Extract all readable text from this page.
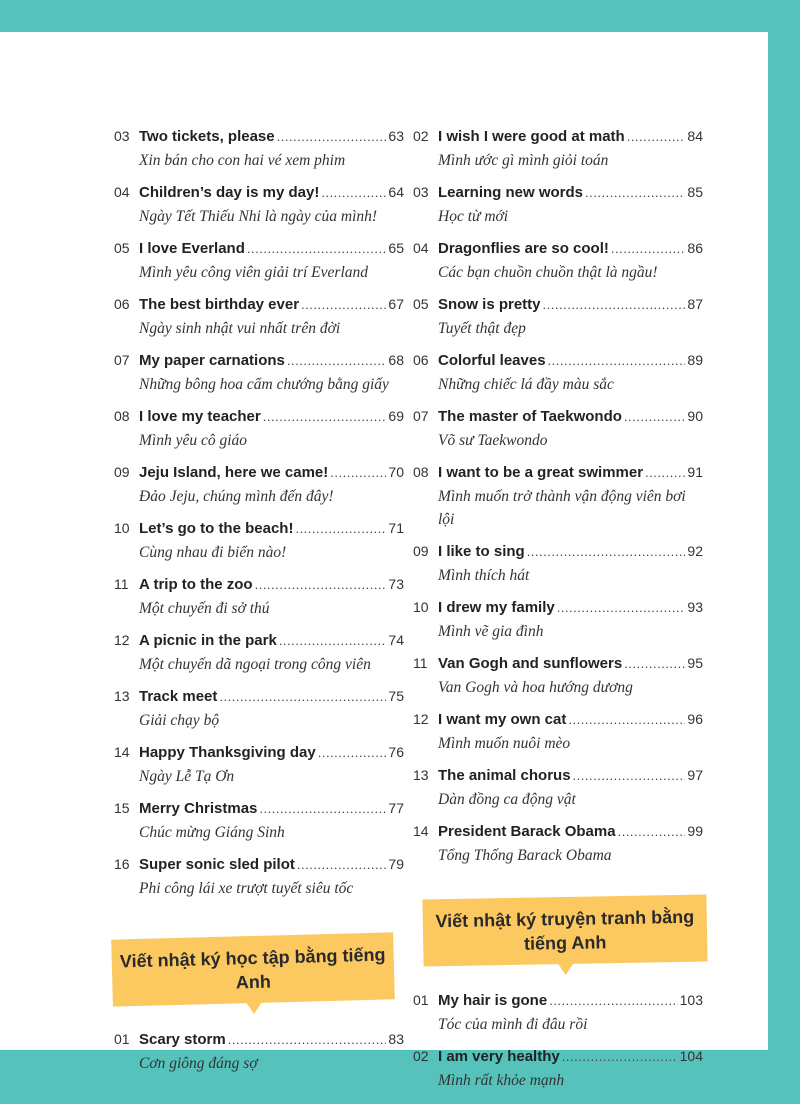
03 Two tickets, please .....	63
Xin bán cho con hai vé xem phim
04 Children’s day is my day! .....	64
Ngày Tết Thiếu Nhi là ngày của mình!
05 I love Everland .....	65
Mình yêu công viên giải trí Everland
06 The best birthday ever .....	67
Ngày sinh nhật vui nhất trên đời
07 My paper carnations .....	68
Những bông hoa cẩm chướng bằng giấy
08 I love my teacher .....	69
Mình yêu cô giáo
09 Jeju Island, here we came! .....	70
Đảo Jeju, chúng mình đến đây!
10 Let’s go to the beach! .....	71
Cùng nhau đi biển nào!
11 A trip to the zoo .....	73
Một chuyến đi sở thú
12 A picnic in the park .....	74
Một chuyến dã ngoại trong công viên
13 Track meet .....	75
Giải chạy bộ
14 Happy Thanksgiving day .....	76
Ngày Lễ Tạ Ơn
15 Merry Christmas .....	77
Chúc mừng Giáng Sinh
16 Super sonic sled pilot .....	79
Phi công lái xe trượt tuyết siêu tốc
Viết nhật ký học tập bằng tiếng Anh
01 Scary storm .....	83
Cơn giông đáng sợ
02 I wish I were good at math .....	84
Mình ước gì mình giỏi toán
03 Learning new words .....	85
Học từ mới
04 Dragonflies are so cool! .....	86
Các bạn chuồn chuồn thật là ngầu!
05 Snow is pretty .....	87
Tuyết thật đẹp
06 Colorful leaves .....	89
Những chiếc lá đầy màu sắc
07 The master of Taekwondo .....	90
Võ sư Taekwondo
08 I want to be a great swimmer .....	91
Mình muốn trở thành vận động viên bơi lội
09 I like to sing .....	92
Mình thích hát
10 I drew my family .....	93
Mình vẽ gia đình
11 Van Gogh and sunflowers .....	95
Van Gogh và hoa hướng dương
12 I want my own cat .....	96
Mình muốn nuôi mèo
13 The animal chorus .....	97
Dàn đồng ca động vật
14 President Barack Obama .....	99
Tổng Thống Barack Obama
Viết nhật ký truyện tranh bằng tiếng Anh
01 My hair is gone .....	103
Tóc của mình đi đâu rồi
02 I am very healthy .....	104
Mình rất khỏe mạnh
